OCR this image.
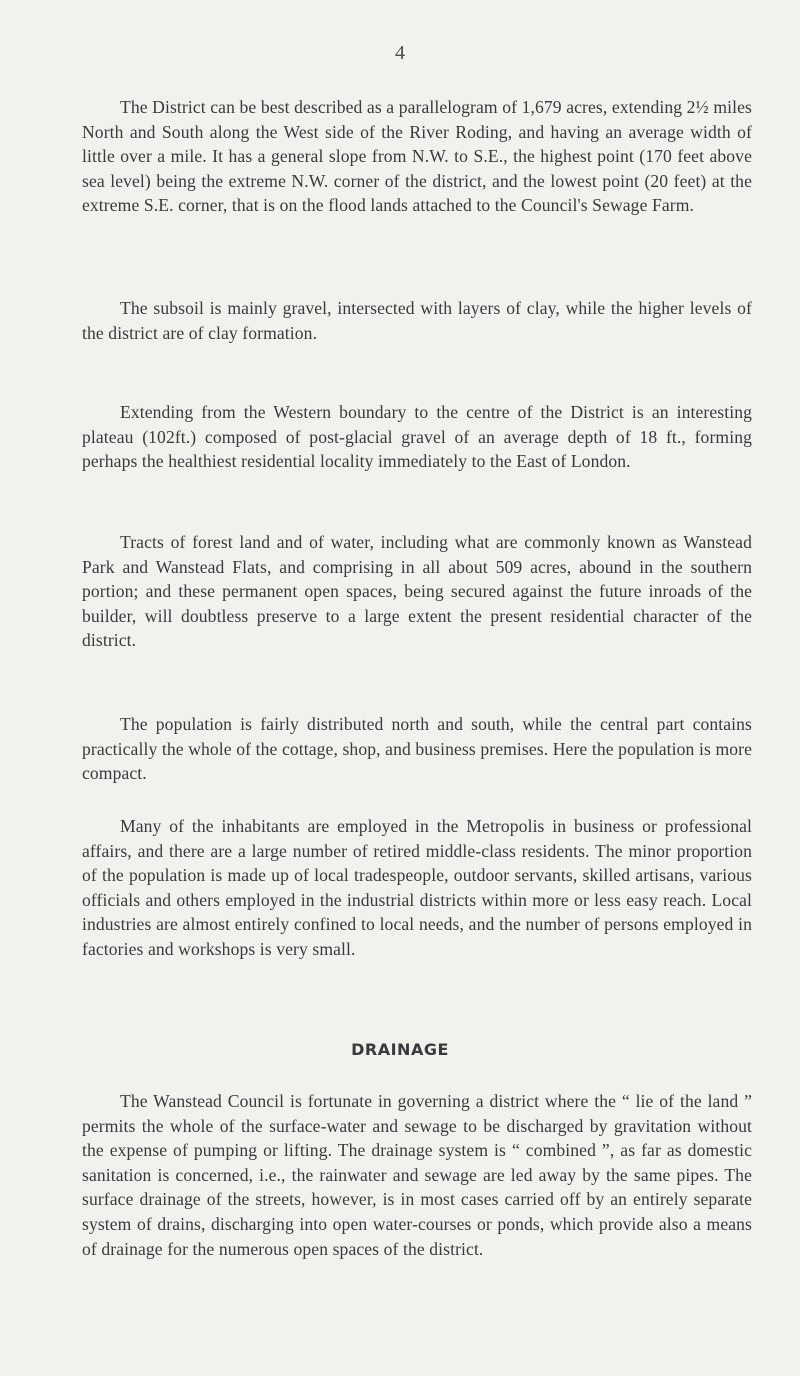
4

The District can be best described as a parallelogram of 1,679 acres, extending 2½ miles North and South along the West side of the River Roding, and having an average width of little over a mile. It has a general slope from N.W. to S.E., the highest point (170 feet above sea level) being the extreme N.W. corner of the district, and the lowest point (20 feet) at the extreme S.E. corner, that is on the flood lands attached to the Council's Sewage Farm.

The subsoil is mainly gravel, intersected with layers of clay, while the higher levels of the district are of clay formation.

Extending from the Western boundary to the centre of the District is an interesting plateau (102ft.) composed of post-glacial gravel of an average depth of 18 ft., forming perhaps the healthiest residential locality immediately to the East of London.

Tracts of forest land and of water, including what are commonly known as Wanstead Park and Wanstead Flats, and comprising in all about 509 acres, abound in the southern portion; and these permanent open spaces, being secured against the future inroads of the builder, will doubtless preserve to a large extent the present residential character of the district.

The population is fairly distributed north and south, while the central part contains practically the whole of the cottage, shop, and business premises. Here the population is more compact.

Many of the inhabitants are employed in the Metropolis in business or professional affairs, and there are a large number of retired middle-class residents. The minor proportion of the population is made up of local tradespeople, outdoor servants, skilled artisans, various officials and others employed in the industrial districts within more or less easy reach. Local industries are almost entirely confined to local needs, and the number of persons employed in factories and workshops is very small.

DRAINAGE

The Wanstead Council is fortunate in governing a district where the “ lie of the land ” permits the whole of the surface-water and sewage to be discharged by gravitation without the expense of pumping or lifting. The drainage system is “ combined ”, as far as domestic sanitation is concerned, i.e., the rainwater and sewage are led away by the same pipes. The surface drainage of the streets, however, is in most cases carried off by an entirely separate system of drains, discharging into open water-courses or ponds, which provide also a means of drainage for the numerous open spaces of the district.
